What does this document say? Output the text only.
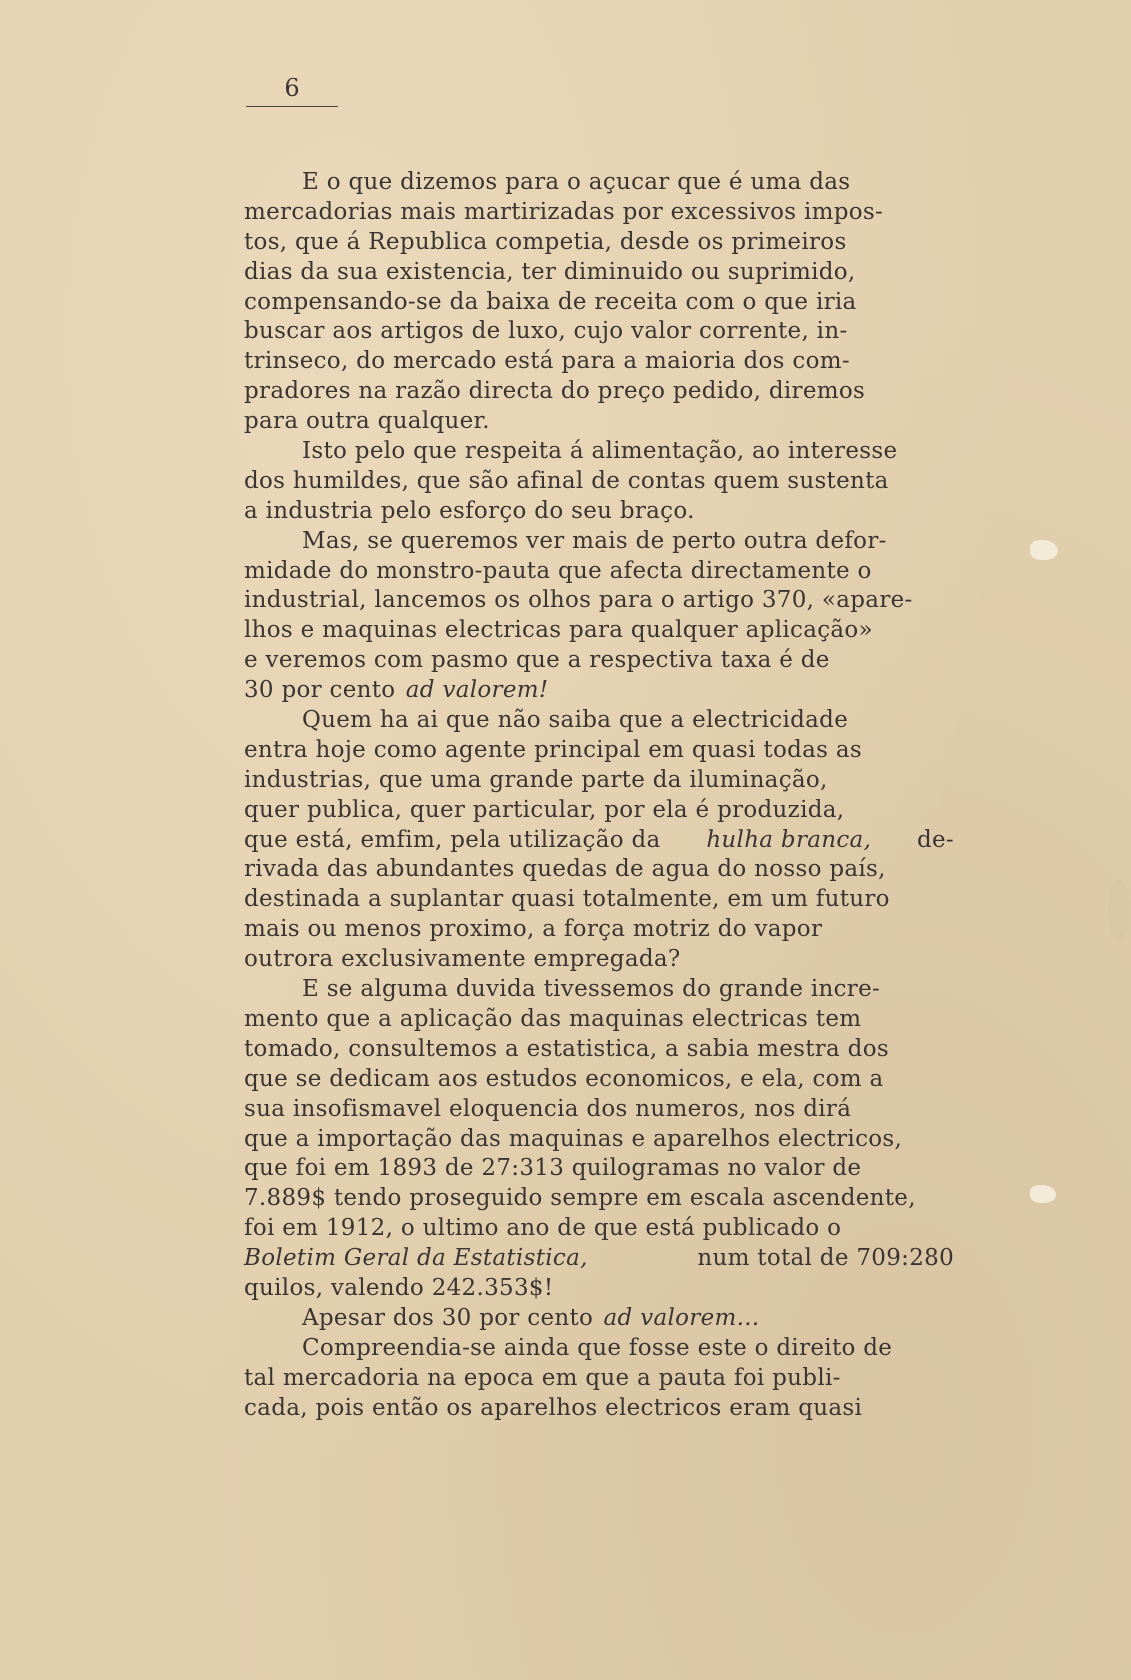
6
E o que dizemos para o açucar que é uma das
mercadorias mais martirizadas por excessivos impos-
tos, que á Republica competia, desde os primeiros
dias da sua existencia, ter diminuido ou suprimido,
compensando-se da baixa de receita com o que iria
buscar aos artigos de luxo, cujo valor corrente, in-
trinseco, do mercado está para a maioria dos com-
pradores na razão directa do preço pedido, diremos
para outra qualquer.
Isto pelo que respeita á alimentação, ao interesse
dos humildes, que são afinal de contas quem sustenta
a industria pelo esforço do seu braço.
Mas, se queremos ver mais de perto outra defor-
midade do monstro-pauta que afecta directamente o
industrial, lancemos os olhos para o artigo 370, «apare-
lhos e maquinas electricas para qualquer aplicação»
e veremos com pasmo que a respectiva taxa é de
30 por cento ad valorem!
Quem ha ai que não saiba que a electricidade
entra hoje como agente principal em quasi todas as
industrias, que uma grande parte da iluminação,
quer publica, quer particular, por ela é produzida,
que está, emfim, pela utilização da hulha branca, de-
rivada das abundantes quedas de agua do nosso país,
destinada a suplantar quasi totalmente, em um futuro
mais ou menos proximo, a força motriz do vapor
outrora exclusivamente empregada?
E se alguma duvida tivessemos do grande incre-
mento que a aplicação das maquinas electricas tem
tomado, consultemos a estatistica, a sabia mestra dos
que se dedicam aos estudos economicos, e ela, com a
sua insofismavel eloquencia dos numeros, nos dirá
que a importação das maquinas e aparelhos electricos,
que foi em 1893 de 27:313 quilogramas no valor de
7.889$ tendo proseguido sempre em escala ascendente,
foi em 1912, o ultimo ano de que está publicado o
Boletim Geral da Estatistica,	num total de 709:280
quilos, valendo 242.353$!
Apesar dos 30 por cento ad valorem...
Compreendia-se ainda que fosse este o direito de
tal mercadoria na epoca em que a pauta foi publi-
cada, pois então os aparelhos electricos eram quasi
